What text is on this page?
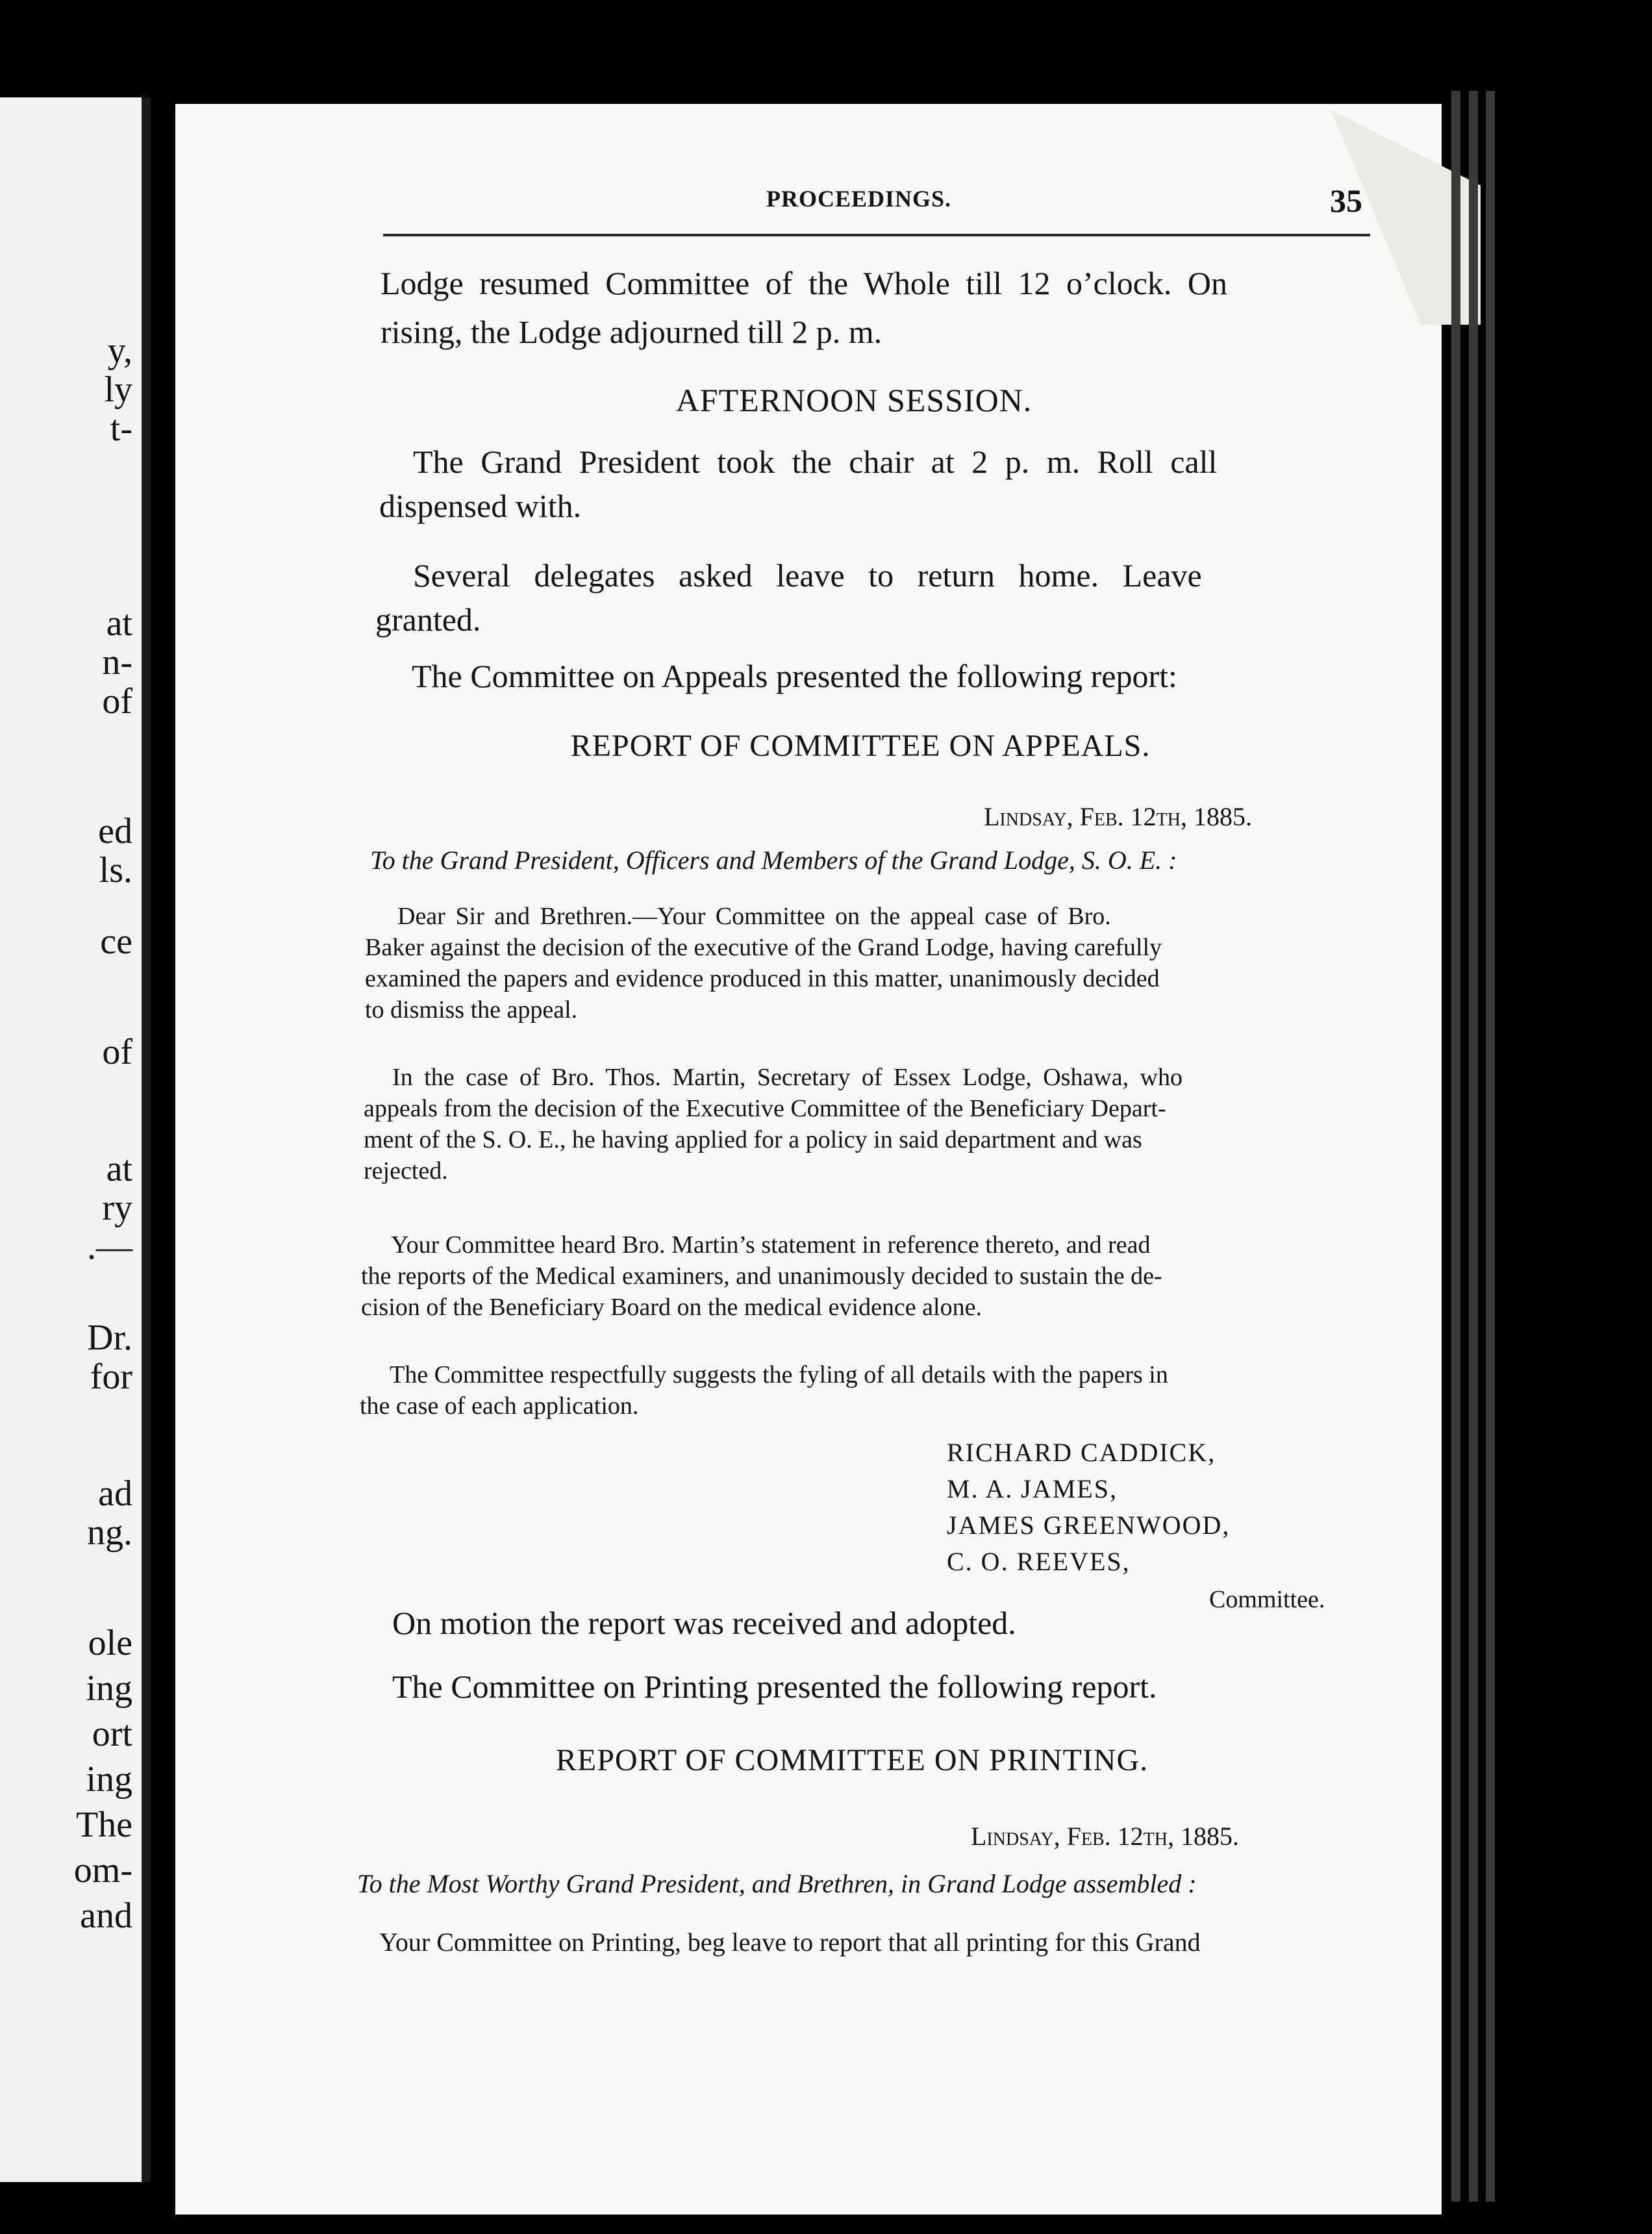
y,
ly
t-
at
n-
of
ed
ls.
ce
of
at
ry
.—
Dr.
for
ad
ng.
ole
ing
ort
ing
The
om-
and
PROCEEDINGS.	35
Lodge resumed Committee of the Whole till 12 o’clock. On
rising, the Lodge adjourned till 2 p. m.
AFTERNOON SESSION.
The Grand President took the chair at 2 p. m. Roll call
dispensed with.
Several delegates asked leave to return home. Leave
granted.
The Committee on Appeals presented the following report:
REPORT OF COMMITTEE ON APPEALS.
Lindsay, Feb. 12th, 1885.
To the Grand President, Officers and Members of the Grand Lodge, S. O. E. :
Dear Sir and Brethren.—Your Committee on the appeal case of Bro.
Baker against the decision of the executive of the Grand Lodge, having carefully
examined the papers and evidence produced in this matter, unanimously decided
to dismiss the appeal.
In the case of Bro. Thos. Martin, Secretary of Essex Lodge, Oshawa, who
appeals from the decision of the Executive Committee of the Beneficiary Depart-
ment of the S. O. E., he having applied for a policy in said department and was
rejected.
Your Committee heard Bro. Martin’s statement in reference thereto, and read
the reports of the Medical examiners, and unanimously decided to sustain the de-
cision of the Beneficiary Board on the medical evidence alone.
The Committee respectfully suggests the fyling of all details with the papers in
the case of each application.
RICHARD CADDICK,
M. A. JAMES,
JAMES GREENWOOD,
C. O. REEVES,
Committee.
On motion the report was received and adopted.
The Committee on Printing presented the following report.
REPORT OF COMMITTEE ON PRINTING.
Lindsay, Feb. 12th, 1885.
To the Most Worthy Grand President, and Brethren, in Grand Lodge assembled :
Your Committee on Printing, beg leave to report that all printing for this Grand
